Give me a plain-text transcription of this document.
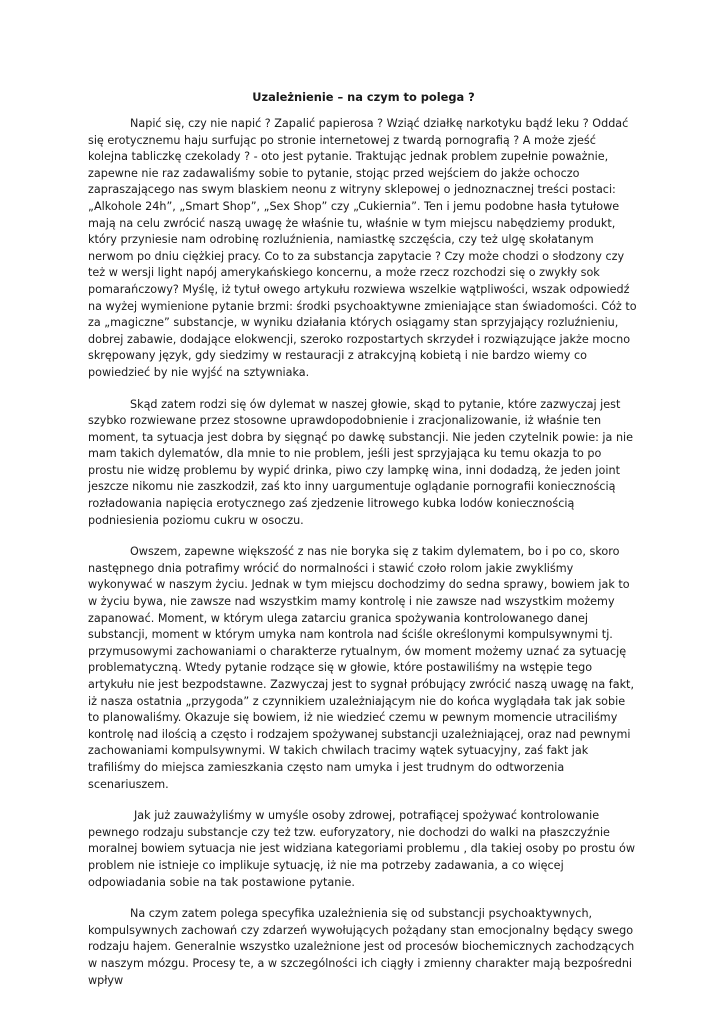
Uzależnienie – na czym to polega ?

Napić się, czy nie napić ? Zapalić papierosa ? Wziąć działkę narkotyku bądź leku ? Oddać się erotycznemu haju surfując po stronie internetowej z twardą pornografią ? A może zjeść kolejna tabliczkę czekolady ? - oto jest pytanie. Traktując jednak problem zupełnie poważnie, zapewne nie raz zadawaliśmy sobie to pytanie, stojąc przed wejściem do jakże ochoczo zapraszającego nas swym blaskiem neonu z witryny sklepowej o jednoznacznej treści postaci: „Alkohole 24h”, „Smart Shop”, „Sex Shop” czy „Cukiernia”. Ten i jemu podobne hasła tytułowe mają na celu zwrócić naszą uwagę że właśnie tu, właśnie w tym miejscu nabędziemy produkt, który przyniesie nam odrobinę rozluźnienia, namiastkę szczęścia, czy też ulgę skołatanym nerwom po dniu ciężkiej pracy. Co to za substancja zapytacie ? Czy może chodzi o słodzony czy też w wersji light napój amerykańskiego koncernu, a może rzecz rozchodzi się o zwykły sok pomarańczowy? Myślę, iż tytuł owego artykułu rozwiewa wszelkie wątpliwości, wszak odpowiedź na wyżej wymienione pytanie brzmi: środki psychoaktywne zmieniające stan świadomości. Cóż to za „magiczne” substancje, w wyniku działania których osiągamy stan sprzyjający rozluźnieniu, dobrej zabawie, dodające elokwencji, szeroko rozpostartych skrzydeł i rozwiązujące jakże mocno skrępowany język, gdy siedzimy w restauracji z atrakcyjną kobietą i nie bardzo wiemy co powiedzieć by nie wyjść na sztywniaka.

Skąd zatem rodzi się ów dylemat w naszej głowie, skąd to pytanie, które zazwyczaj jest szybko rozwiewane przez stosowne uprawdopodobnienie i zracjonalizowanie, iż właśnie ten moment, ta sytuacja jest dobra by sięgnąć po dawkę substancji. Nie jeden czytelnik powie: ja nie mam takich dylematów, dla mnie to nie problem, jeśli jest sprzyjająca ku temu okazja to po prostu nie widzę problemu by wypić drinka, piwo czy lampkę wina, inni dodadzą, że jeden joint jeszcze nikomu nie zaszkodził, zaś kto inny uargumentuje oglądanie pornografii koniecznością rozładowania napięcia erotycznego zaś zjedzenie litrowego kubka lodów koniecznością podniesienia poziomu cukru w osoczu.

Owszem, zapewne większość z nas nie boryka się z takim dylematem, bo i po co, skoro następnego dnia potrafimy wrócić do normalności i stawić czoło rolom jakie zwykliśmy wykonywać w naszym życiu. Jednak w tym miejscu dochodzimy do sedna sprawy, bowiem jak to w życiu bywa, nie zawsze nad wszystkim mamy kontrolę i nie zawsze nad wszystkim możemy zapanować. Moment, w którym ulega zatarciu granica spożywania kontrolowanego danej substancji, moment w którym umyka nam kontrola nad ściśle określonymi kompulsywnymi tj. przymusowymi zachowaniami o charakterze rytualnym, ów moment możemy uznać za sytuację problematyczną. Wtedy pytanie rodzące się w głowie, które postawiliśmy na wstępie tego artykułu nie jest bezpodstawne. Zazwyczaj jest to sygnał próbujący zwrócić naszą uwagę na fakt, iż nasza ostatnia „przygoda” z czynnikiem uzależniającym nie do końca wyglądała tak jak sobie to planowaliśmy. Okazuje się bowiem, iż nie wiedzieć czemu w pewnym momencie utraciliśmy kontrolę nad ilością a często i rodzajem spożywanej substancji uzależniającej, oraz nad pewnymi zachowaniami kompulsywnymi. W takich chwilach tracimy wątek sytuacyjny, zaś fakt jak trafiliśmy do miejsca zamieszkania często nam umyka i jest trudnym do odtworzenia scenariuszem.

Jak już zauważyliśmy w umyśle osoby zdrowej, potrafiącej spożywać kontrolowanie pewnego rodzaju substancje czy też tzw. euforyzatory, nie dochodzi do walki na płaszczyźnie moralnej bowiem sytuacja nie jest widziana kategoriami problemu , dla takiej osoby po prostu ów problem nie istnieje co implikuje sytuację, iż nie ma potrzeby zadawania, a co więcej odpowiadania sobie na tak postawione pytanie.

Na czym zatem polega specyfika uzależnienia się od substancji psychoaktywnych, kompulsywnych zachowań czy zdarzeń wywołujących pożądany stan emocjonalny będący swego rodzaju hajem. Generalnie wszystko uzależnione jest od procesów biochemicznych zachodzących w naszym mózgu. Procesy te, a w szczególności ich ciągły i zmienny charakter mają bezpośredni wpływ
